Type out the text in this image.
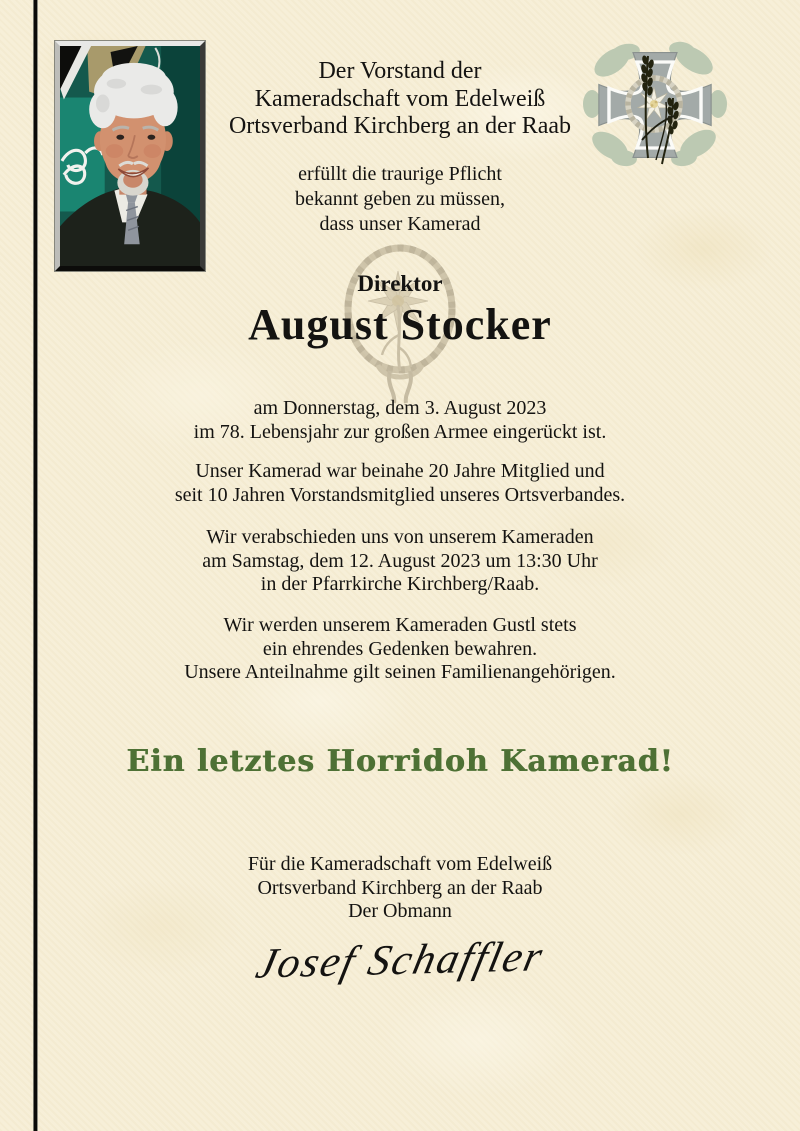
Der Vorstand der
Kameradschaft vom Edelweiß
Ortsverband Kirchberg an der Raab
erfüllt die traurige Pflicht
bekannt geben zu müssen,
dass unser Kamerad
Direktor
August Stocker
am Donnerstag, dem 3. August 2023
im 78. Lebensjahr zur großen Armee eingerückt ist.
Unser Kamerad war beinahe 20 Jahre Mitglied und
seit 10 Jahren Vorstandsmitglied unseres Ortsverbandes.
Wir verabschieden uns von unserem Kameraden
am Samstag, dem 12. August 2023 um 13:30 Uhr
in der Pfarrkirche Kirchberg/Raab.
Wir werden unserem Kameraden Gustl stets
ein ehrendes Gedenken bewahren.
Unsere Anteilnahme gilt seinen Familienangehörigen.
Ein letztes Horridoh Kamerad!
Für die Kameradschaft vom Edelweiß
Ortsverband Kirchberg an der Raab
Der Obmann
Josef Schaffler
